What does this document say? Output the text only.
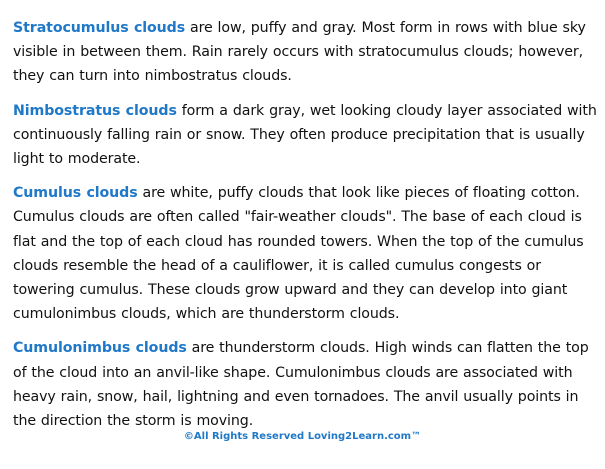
Stratocumulus clouds are low, puffy and gray. Most form in rows with blue sky visible in between them. Rain rarely occurs with stratocumulus clouds; however, they can turn into nimbostratus clouds.

Nimbostratus clouds form a dark gray, wet looking cloudy layer associated with continuously falling rain or snow. They often produce precipitation that is usually light to moderate.

Cumulus clouds are white, puffy clouds that look like pieces of floating cotton. Cumulus clouds are often called "fair-weather clouds". The base of each cloud is flat and the top of each cloud has rounded towers. When the top of the cumulus clouds resemble the head of a cauliflower, it is called cumulus congests or towering cumulus. These clouds grow upward and they can develop into giant cumulonimbus clouds, which are thunderstorm clouds.

Cumulonimbus clouds are thunderstorm clouds. High winds can flatten the top of the cloud into an anvil-like shape. Cumulonimbus clouds are associated with heavy rain, snow, hail, lightning and even tornadoes. The anvil usually points in the direction the storm is moving.

©All Rights Reserved Loving2Learn.com™
